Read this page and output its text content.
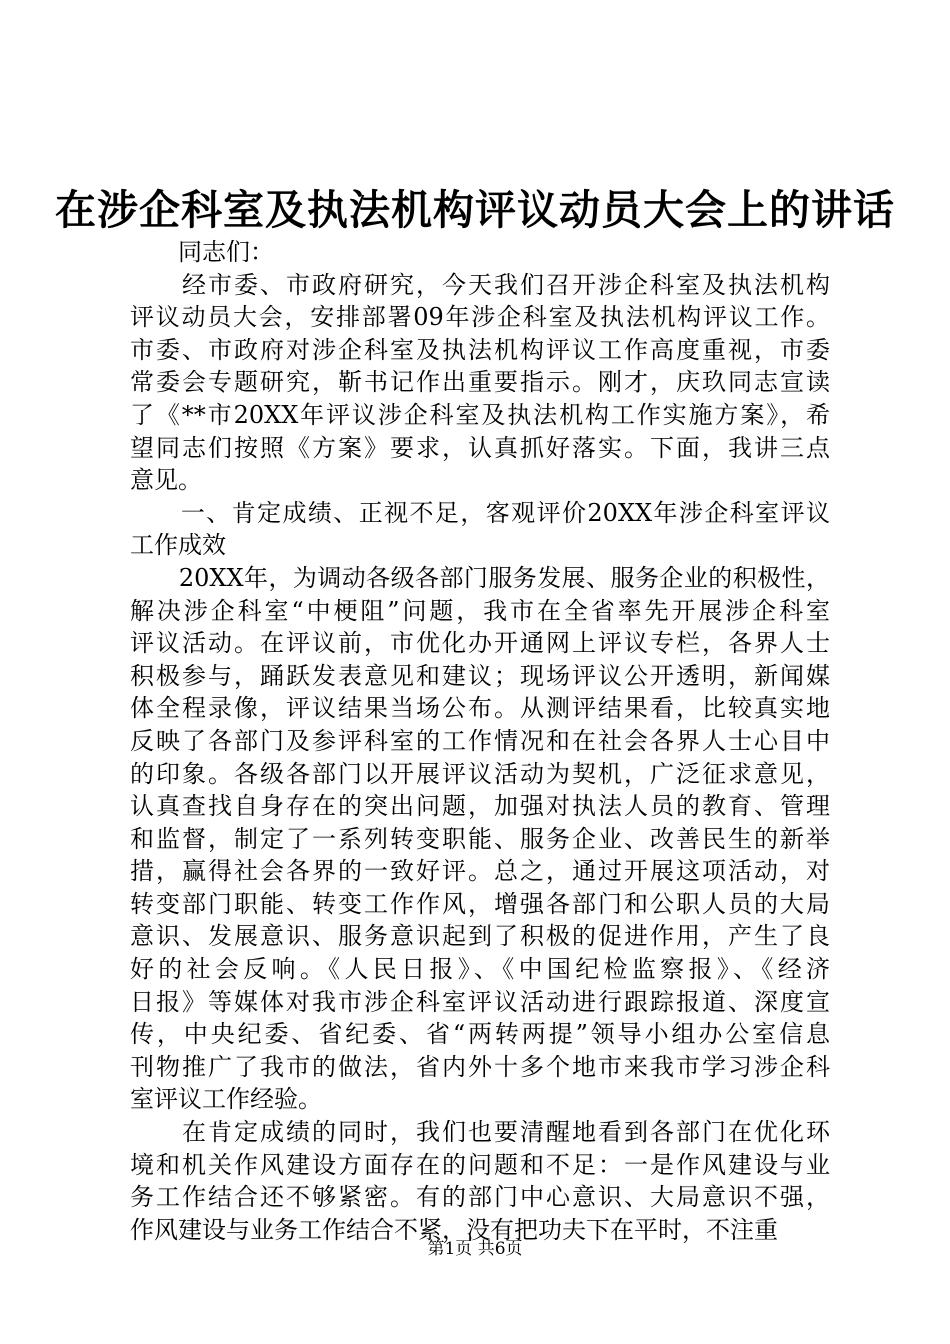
在涉企科室及执法机构评议动员大会上的讲话
　　同志们：
　　经市委、市政府研究，今天我们召开涉企科室及执法机构
评议动员大会，安排部署09年涉企科室及执法机构评议工作。
市委、市政府对涉企科室及执法机构评议工作高度重视，市委
常委会专题研究，靳书记作出重要指示。刚才，庆玖同志宣读
了《**市20XX年评议涉企科室及执法机构工作实施方案》，希
望同志们按照《方案》要求，认真抓好落实。下面，我讲三点
意见。
　　一、肯定成绩、正视不足，客观评价20XX年涉企科室评议
工作成效
　　20XX年，为调动各级各部门服务发展、服务企业的积极性，
解决涉企科室“中梗阻”问题，我市在全省率先开展涉企科室
评议活动。在评议前，市优化办开通网上评议专栏，各界人士
积极参与，踊跃发表意见和建议；现场评议公开透明，新闻媒
体全程录像，评议结果当场公布。从测评结果看，比较真实地
反映了各部门及参评科室的工作情况和在社会各界人士心目中
的印象。各级各部门以开展评议活动为契机，广泛征求意见，
认真查找自身存在的突出问题，加强对执法人员的教育、管理
和监督，制定了一系列转变职能、服务企业、改善民生的新举
措，赢得社会各界的一致好评。总之，通过开展这项活动，对
转变部门职能、转变工作作风，增强各部门和公职人员的大局
意识、发展意识、服务意识起到了积极的促进作用，产生了良
好的社会反响。《人民日报》、《中国纪检监察报》、《经济
日报》等媒体对我市涉企科室评议活动进行跟踪报道、深度宣
传，中央纪委、省纪委、省“两转两提”领导小组办公室信息
刊物推广了我市的做法，省内外十多个地市来我市学习涉企科
室评议工作经验。
　　在肯定成绩的同时，我们也要清醒地看到各部门在优化环
境和机关作风建设方面存在的问题和不足：一是作风建设与业
务工作结合还不够紧密。有的部门中心意识、大局意识不强，
作风建设与业务工作结合不紧，没有把功夫下在平时，不注重
第1页 共6页
